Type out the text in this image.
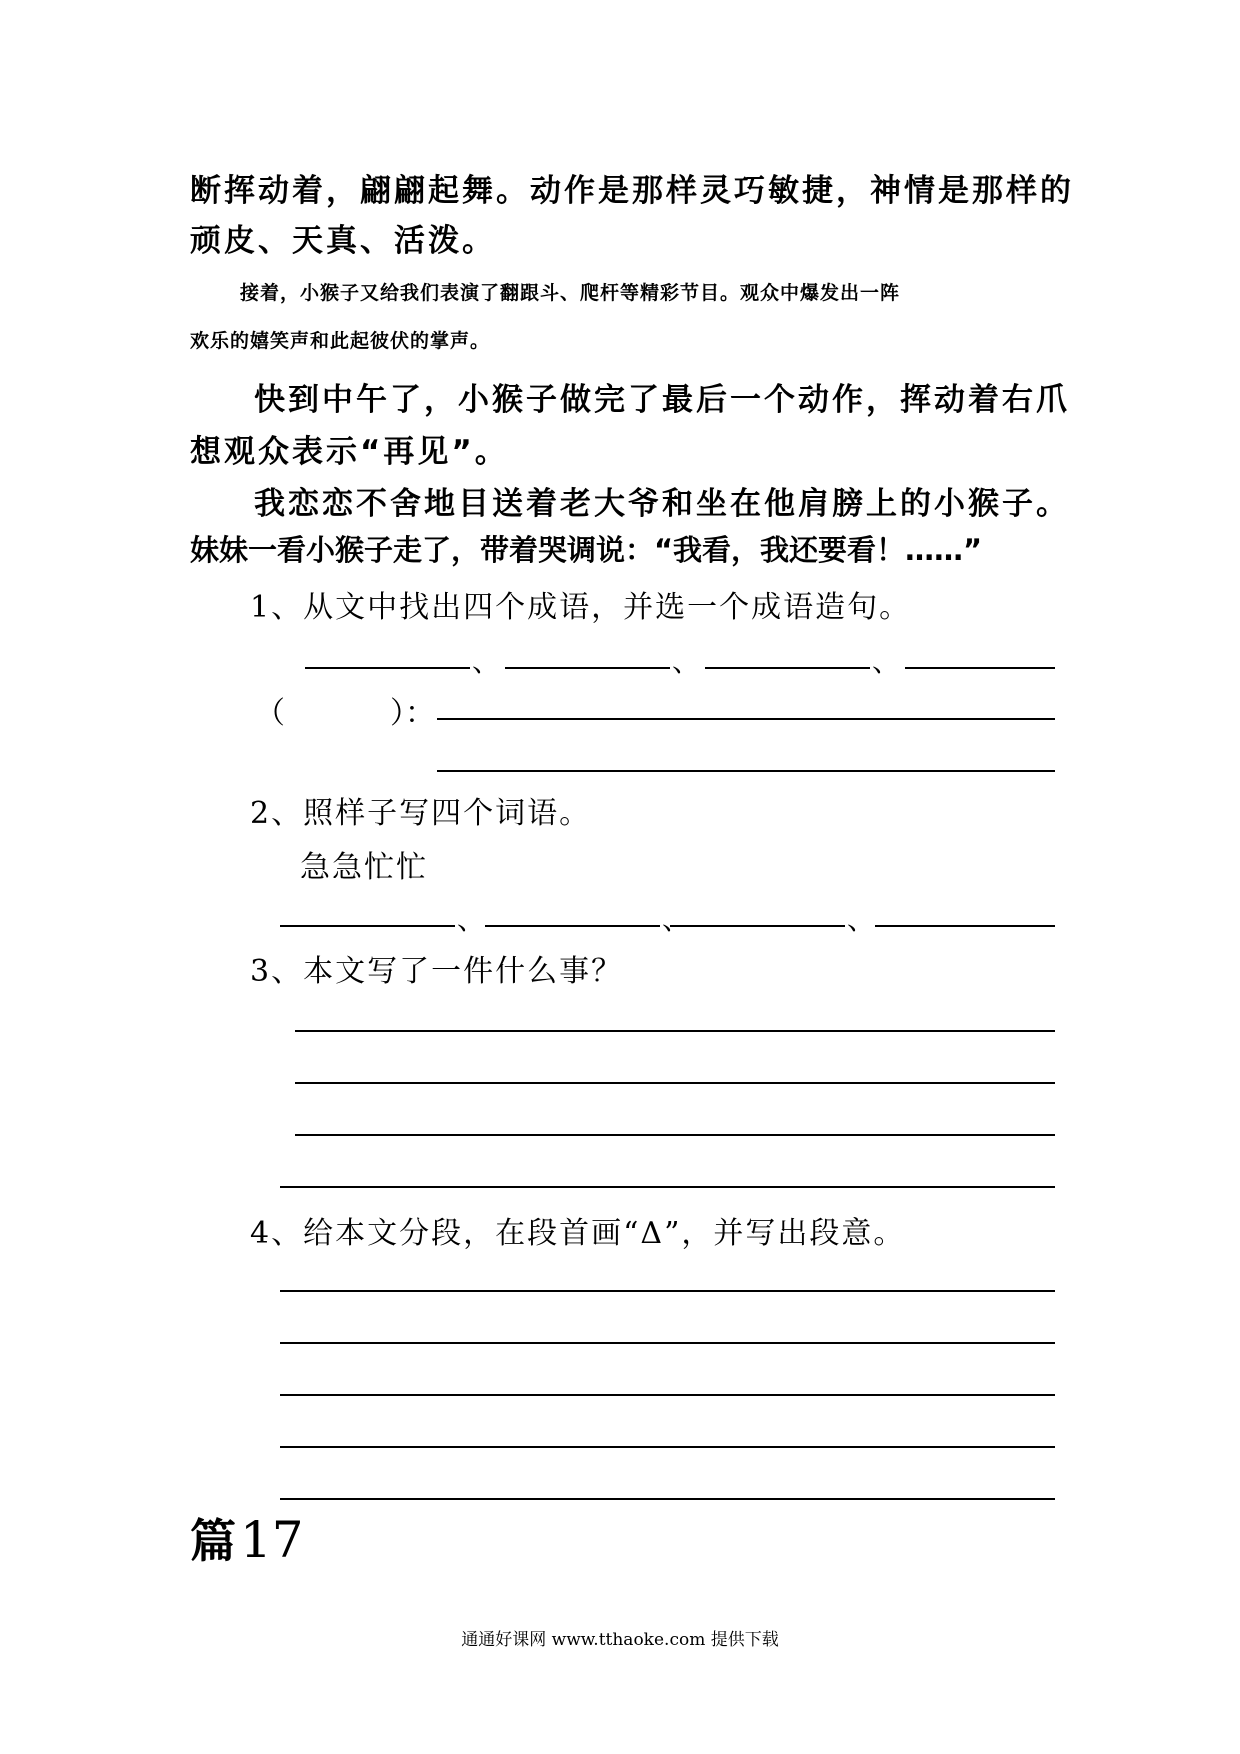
断挥动着，翩翩起舞。动作是那样灵巧敏捷，神情是那样的
顽皮、天真、活泼。
接着，小猴子又给我们表演了翻跟斗、爬杆等精彩节目。观众中爆发出一阵
欢乐的嬉笑声和此起彼伏的掌声。
快到中午了，小猴子做完了最后一个动作，挥动着右爪
想观众表示“再见”。
我恋恋不舍地目送着老大爷和坐在他肩膀上的小猴子。
妹妹一看小猴子走了，带着哭调说：“我看，我还要看！……”
1、从文中找出四个成语，并选一个成语造句。
、	、	、
（	）：
2、照样子写四个词语。
急急忙忙
、	、	、
3、本文写了一件什么事？
4、给本文分段，在段首画“Δ”，并写出段意。
篇17
通通好课网 www.tthaoke.com 提供下载
